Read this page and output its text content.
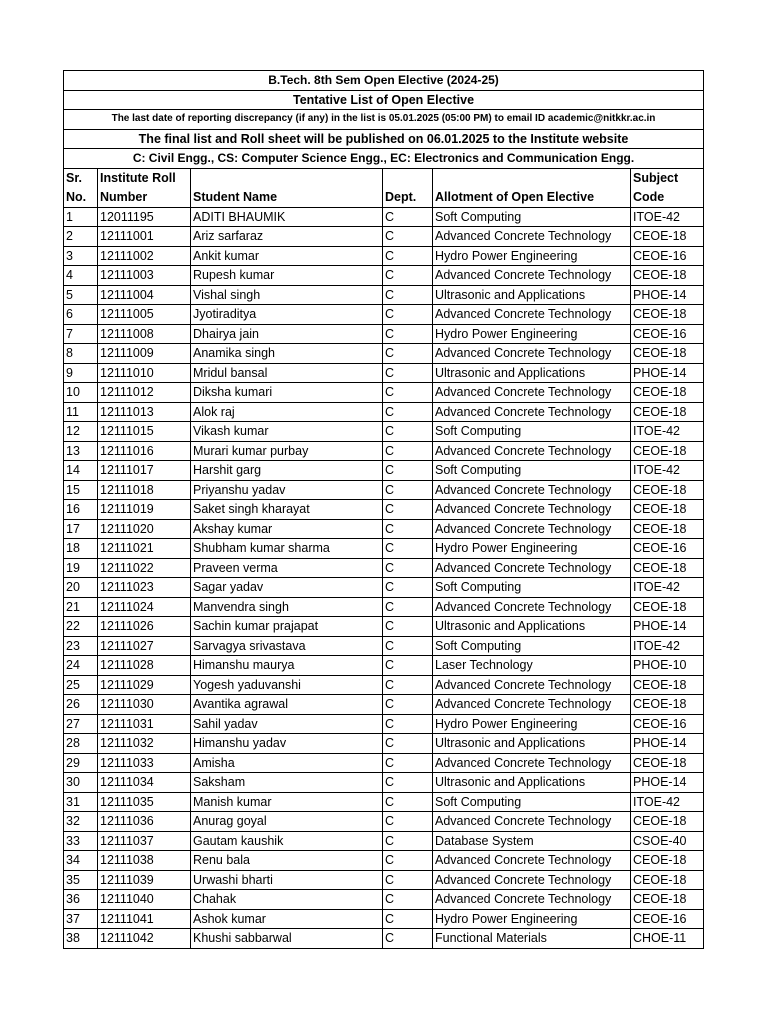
B.Tech. 8th Sem Open Elective (2024-25)					
Tentative List of Open Elective					
The last date of reporting discrepancy (if any) in the list is 05.01.2025 (05:00 PM) to email ID academic@nitkkr.ac.in					
The final list and Roll sheet will be published on 06.01.2025 to the Institute website					
C: Civil Engg., CS: Computer Science Engg., EC: Electronics and Communication Engg.					
Sr. No.	Institute Roll Number	Student Name	Dept.	Allotment of Open Elective	Subject Code
1	12011195	ADITI BHAUMIK	C	Soft Computing	ITOE-42
2	12111001	Ariz sarfaraz	C	Advanced Concrete Technology	CEOE-18
3	12111002	Ankit kumar	C	Hydro Power Engineering	CEOE-16
4	12111003	Rupesh kumar	C	Advanced Concrete Technology	CEOE-18
5	12111004	Vishal singh	C	Ultrasonic and Applications	PHOE-14
6	12111005	Jyotiraditya	C	Advanced Concrete Technology	CEOE-18
7	12111008	Dhairya jain	C	Hydro Power Engineering	CEOE-16
8	12111009	Anamika singh	C	Advanced Concrete Technology	CEOE-18
9	12111010	Mridul bansal	C	Ultrasonic and Applications	PHOE-14
10	12111012	Diksha kumari	C	Advanced Concrete Technology	CEOE-18
11	12111013	Alok raj	C	Advanced Concrete Technology	CEOE-18
12	12111015	Vikash kumar	C	Soft Computing	ITOE-42
13	12111016	Murari kumar purbay	C	Advanced Concrete Technology	CEOE-18
14	12111017	Harshit garg	C	Soft Computing	ITOE-42
15	12111018	Priyanshu yadav	C	Advanced Concrete Technology	CEOE-18
16	12111019	Saket singh kharayat	C	Advanced Concrete Technology	CEOE-18
17	12111020	Akshay kumar	C	Advanced Concrete Technology	CEOE-18
18	12111021	Shubham kumar sharma	C	Hydro Power Engineering	CEOE-16
19	12111022	Praveen verma	C	Advanced Concrete Technology	CEOE-18
20	12111023	Sagar yadav	C	Soft Computing	ITOE-42
21	12111024	Manvendra singh	C	Advanced Concrete Technology	CEOE-18
22	12111026	Sachin kumar prajapat	C	Ultrasonic and Applications	PHOE-14
23	12111027	Sarvagya srivastava	C	Soft Computing	ITOE-42
24	12111028	Himanshu maurya	C	Laser Technology	PHOE-10
25	12111029	Yogesh yaduvanshi	C	Advanced Concrete Technology	CEOE-18
26	12111030	Avantika agrawal	C	Advanced Concrete Technology	CEOE-18
27	12111031	Sahil yadav	C	Hydro Power Engineering	CEOE-16
28	12111032	Himanshu yadav	C	Ultrasonic and Applications	PHOE-14
29	12111033	Amisha	C	Advanced Concrete Technology	CEOE-18
30	12111034	Saksham	C	Ultrasonic and Applications	PHOE-14
31	12111035	Manish kumar	C	Soft Computing	ITOE-42
32	12111036	Anurag goyal	C	Advanced Concrete Technology	CEOE-18
33	12111037	Gautam kaushik	C	Database System	CSOE-40
34	12111038	Renu bala	C	Advanced Concrete Technology	CEOE-18
35	12111039	Urwashi bharti	C	Advanced Concrete Technology	CEOE-18
36	12111040	Chahak	C	Advanced Concrete Technology	CEOE-18
37	12111041	Ashok kumar	C	Hydro Power Engineering	CEOE-16
38	12111042	Khushi sabbarwal	C	Functional Materials	CHOE-11
